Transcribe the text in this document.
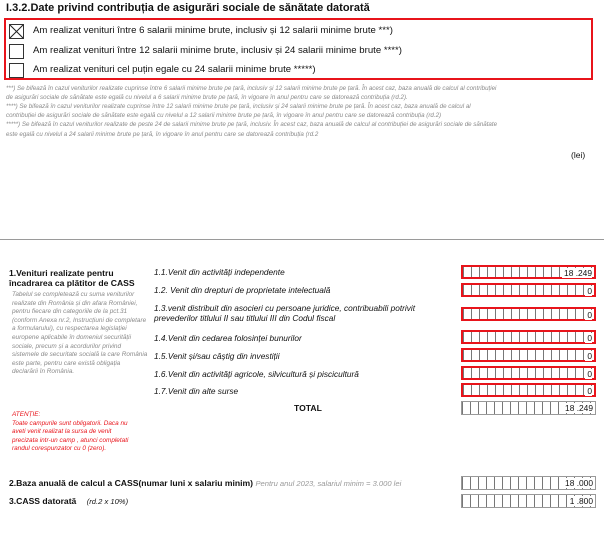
I.3.2.Date privind contribuția de asigurări sociale de sănătate datorată
Am realizat venituri între 6 salarii minime brute, inclusiv și 12 salarii minime brute ***)
Am realizat venituri între 12 salarii minime brute, inclusiv și 24 salarii minime brute ****)
Am realizat venituri cel puțin egale cu 24 salarii minime brute *****)
***) Se bifează în cazul veniturilor realizate cuprinse între 6 salarii minime brute pe țară, inclusiv și 12 salarii minime brute pe țară. În acest caz, baza anuală de calcul al contribuției
de asigurări sociale de sănătate este egală cu nivelul a 6 salarii minime brute pe țară, în vigoare în anul pentru care se datorează contribuția (rd.2).
****) Se bifează în cazul veniturilor realizate cuprinse între 12 salarii minime brute pe țară, inclusiv și 24 salarii minime brute pe țară. În acest caz, baza anuală de calcul al
contribuției de asigurări sociale de sănătate este egală cu nivelul a 12 salarii minime brute pe țară, în vigoare în anul pentru care se datorează contribuția (rd.2)
*****) Se bifează în cazul veniturilor realizate de peste 24 de salarii minime brute pe țară, inclusiv. În acest caz, baza anuală de calcul al contribuției de asigurări sociale de sănătate
este egală cu nivelul a 24 salarii minime brute pe țară, în vigoare în anul pentru care se datorează contribuția (rd.2
(lei)
1.Venituri realizate pentru încadrarea ca plătitor de CASS
Tabelul se completează cu suma veniturilor realizate din România și din afara României, pentru fiecare din categoriile de la pct.31 (conform Anexa nr.2, Instrucțiuni de completare a formularului), cu respectarea legislației europene aplicabile în domeniul securității sociale, precum și a acordurilor privind sistemele de securitate socială la care România este parte, pentru care există obligația declarării în România.
ATENȚIE:
Toate campurile sunt obligatorii. Daca nu aveti venit realizat la sursa de venit precizata intr-un camp , atunci completati randul corespunzator cu 0 (zero).
1.1.Venit din activități independente	18 .249
1.2. Venit din drepturi de proprietate intelectuală	0
1.3.venit distribuit din asocieri cu persoane juridice, contribuabili potrivit prevederilor titlului II sau titlului III din Codul fiscal	0
1.4.Venit din cedarea folosinței bunurilor	0
1.5.Venit și/sau câștig din investiții	0
1.6.Venit din activități agricole, silvicultură și piscicultură	0
1.7.Venit din alte surse	0
TOTAL	18 .249
2.Baza anuală de calcul a CASS(numar luni x salariu minim) Pentru anul 2023, salariul minim = 3.000 lei	18 .000
3.CASS datorată (rd.2 x 10%)	1 .800
